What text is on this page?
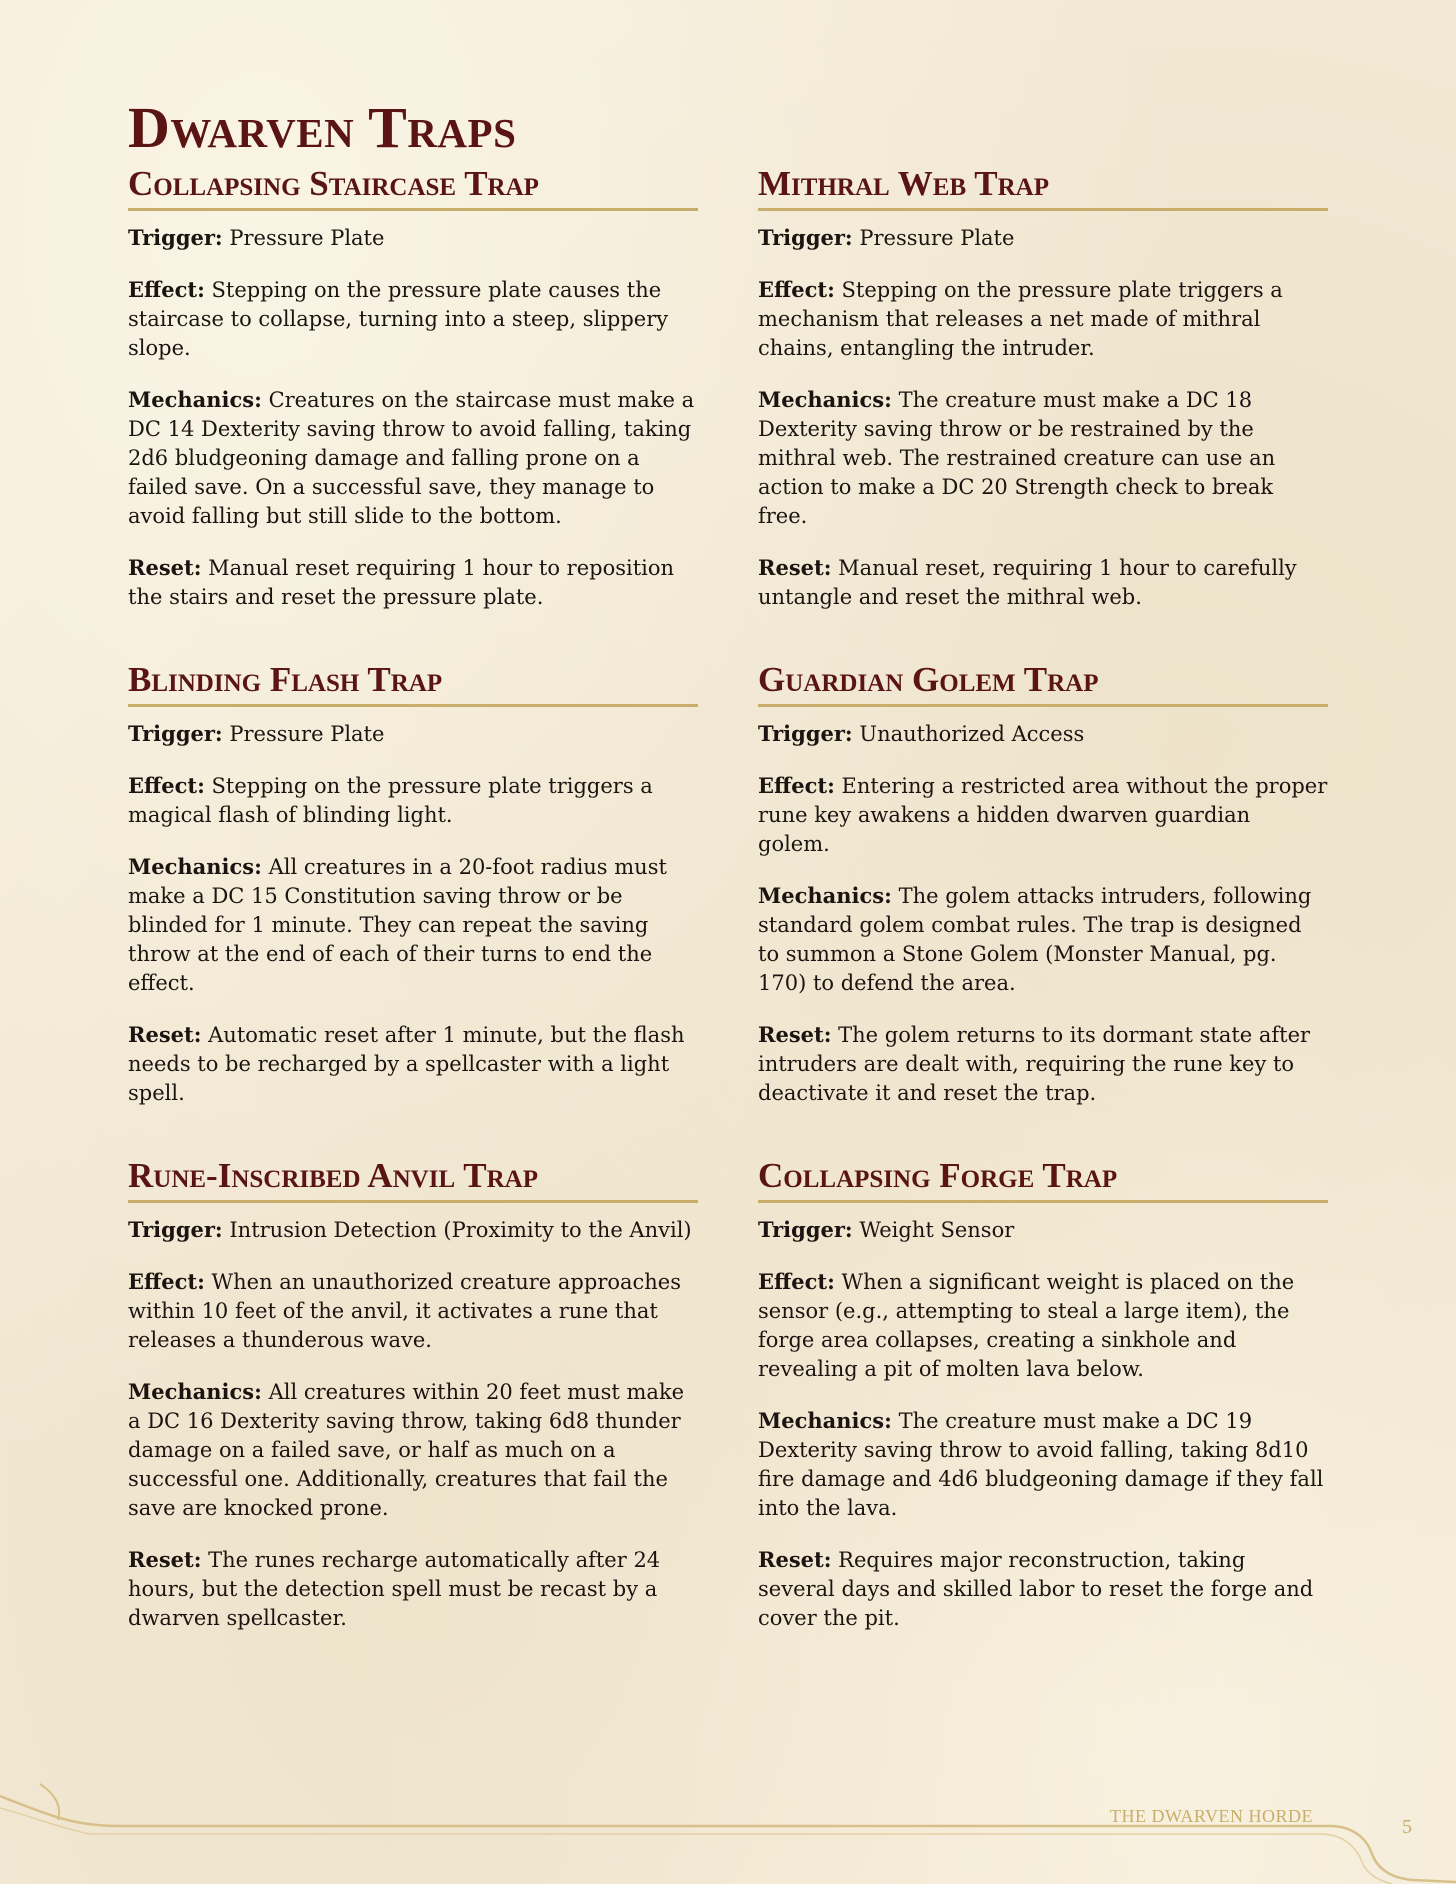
Dwarven Traps
Collapsing Staircase Trap

Trigger: Pressure Plate

Effect: Stepping on the pressure plate causes the staircase to collapse, turning into a steep, slippery slope.

Mechanics: Creatures on the staircase must make a DC 14 Dexterity saving throw to avoid falling, taking 2d6 bludgeoning damage and falling prone on a failed save. On a successful save, they manage to avoid falling but still slide to the bottom.

Reset: Manual reset requiring 1 hour to reposition the stairs and reset the pressure plate.

Blinding Flash Trap

Trigger: Pressure Plate

Effect: Stepping on the pressure plate triggers a magical flash of blinding light.

Mechanics: All creatures in a 20-foot radius must make a DC 15 Constitution saving throw or be blinded for 1 minute. They can repeat the saving throw at the end of each of their turns to end the effect.

Reset: Automatic reset after 1 minute, but the flash needs to be recharged by a spellcaster with a light spell.

Rune-Inscribed Anvil Trap

Trigger: Intrusion Detection (Proximity to the Anvil)

Effect: When an unauthorized creature approaches within 10 feet of the anvil, it activates a rune that releases a thunderous wave.

Mechanics: All creatures within 20 feet must make a DC 16 Dexterity saving throw, taking 6d8 thunder damage on a failed save, or half as much on a successful one. Additionally, creatures that fail the save are knocked prone.

Reset: The runes recharge automatically after 24 hours, but the detection spell must be recast by a dwarven spellcaster.

Mithral Web Trap

Trigger: Pressure Plate

Effect: Stepping on the pressure plate triggers a mechanism that releases a net made of mithral chains, entangling the intruder.

Mechanics: The creature must make a DC 18 Dexterity saving throw or be restrained by the mithral web. The restrained creature can use an action to make a DC 20 Strength check to break free.

Reset: Manual reset, requiring 1 hour to carefully untangle and reset the mithral web.

Guardian Golem Trap

Trigger: Unauthorized Access

Effect: Entering a restricted area without the proper rune key awakens a hidden dwarven guardian golem.

Mechanics: The golem attacks intruders, following standard golem combat rules. The trap is designed to summon a Stone Golem (Monster Manual, pg. 170) to defend the area.

Reset: The golem returns to its dormant state after intruders are dealt with, requiring the rune key to deactivate it and reset the trap.

Collapsing Forge Trap

Trigger: Weight Sensor

Effect: When a significant weight is placed on the sensor (e.g., attempting to steal a large item), the forge area collapses, creating a sinkhole and revealing a pit of molten lava below.

Mechanics: The creature must make a DC 19 Dexterity saving throw to avoid falling, taking 8d10 fire damage and 4d6 bludgeoning damage if they fall into the lava.

Reset: Requires major reconstruction, taking several days and skilled labor to reset the forge and cover the pit.

THE DWARVEN HORDE	5
